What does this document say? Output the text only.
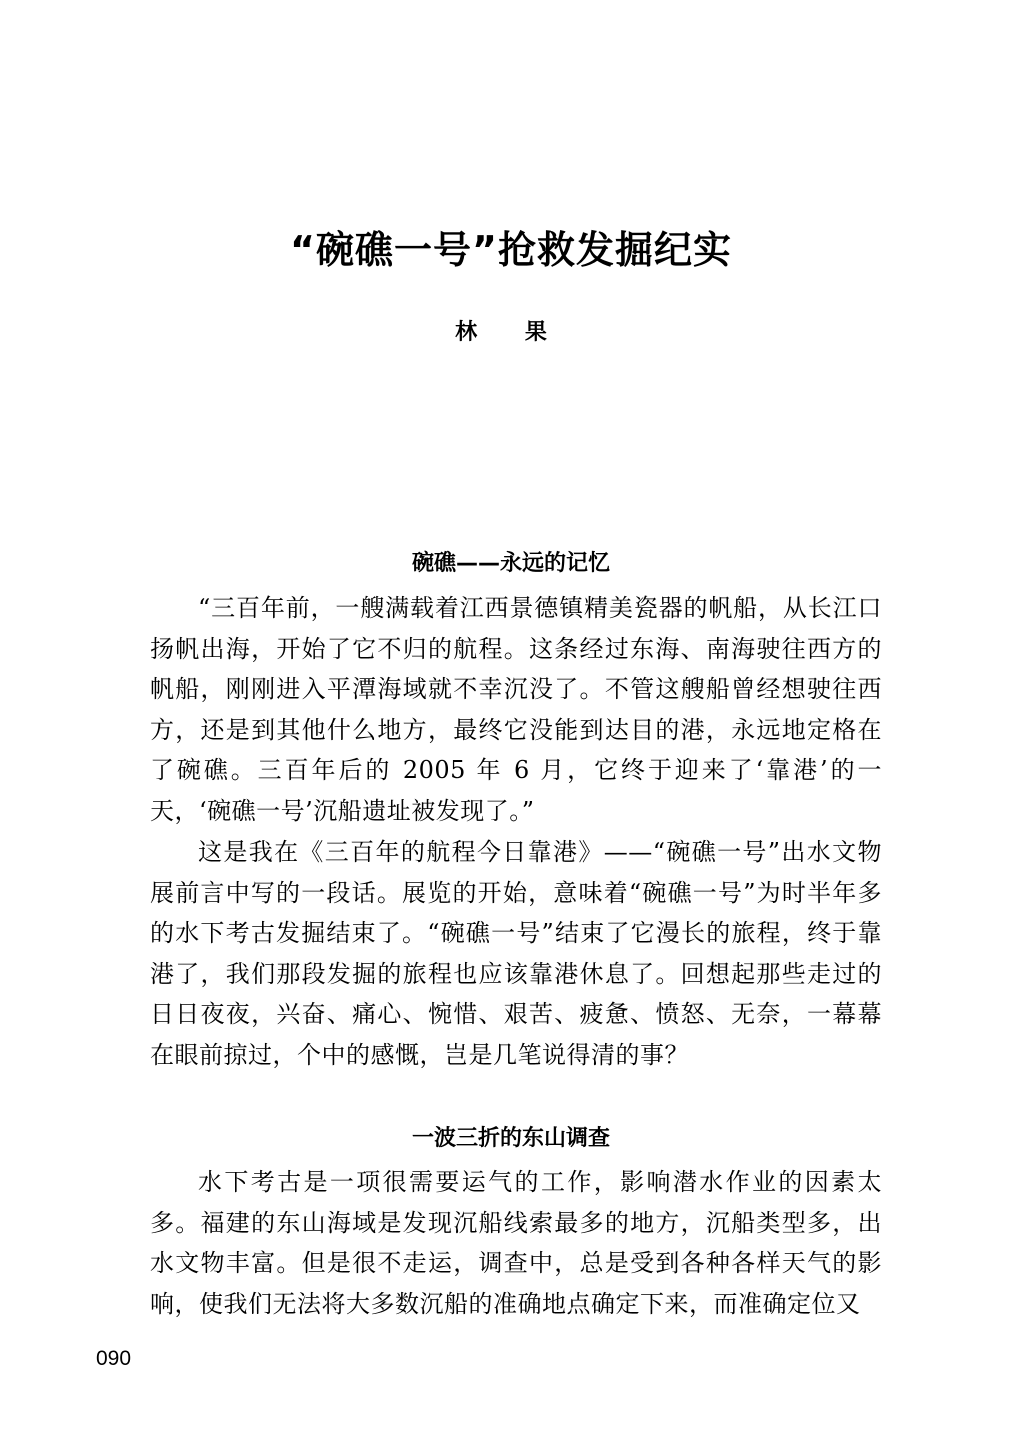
“碗礁一号”抢救发掘纪实
林 果
碗礁——永远的记忆

“三百年前，一艘满载着江西景德镇精美瓷器的帆船，从长江口扬帆出海，开始了它不归的航程。这条经过东海、南海驶往西方的帆船，刚刚进入平潭海域就不幸沉没了。不管这艘船曾经想驶往西方，还是到其他什么地方，最终它没能到达目的港，永远地定格在了碗礁。三百年后的 2005 年 6 月，它终于迎来了‘靠港’的一天，‘碗礁一号’沉船遗址被发现了。”

这是我在《三百年的航程今日靠港》——“碗礁一号”出水文物展前言中写的一段话。展览的开始，意味着“碗礁一号”为时半年多的水下考古发掘结束了。“碗礁一号”结束了它漫长的旅程，终于靠港了，我们那段发掘的旅程也应该靠港休息了。回想起那些走过的日日夜夜，兴奋、痛心、惋惜、艰苦、疲惫、愤怒、无奈，一幕幕在眼前掠过，个中的感慨，岂是几笔说得清的事？

一波三折的东山调查

水下考古是一项很需要运气的工作，影响潜水作业的因素太多。福建的东山海域是发现沉船线索最多的地方，沉船类型多，出水文物丰富。但是很不走运，调查中，总是受到各种各样天气的影响，使我们无法将大多数沉船的准确地点确定下来，而准确定位又

090
